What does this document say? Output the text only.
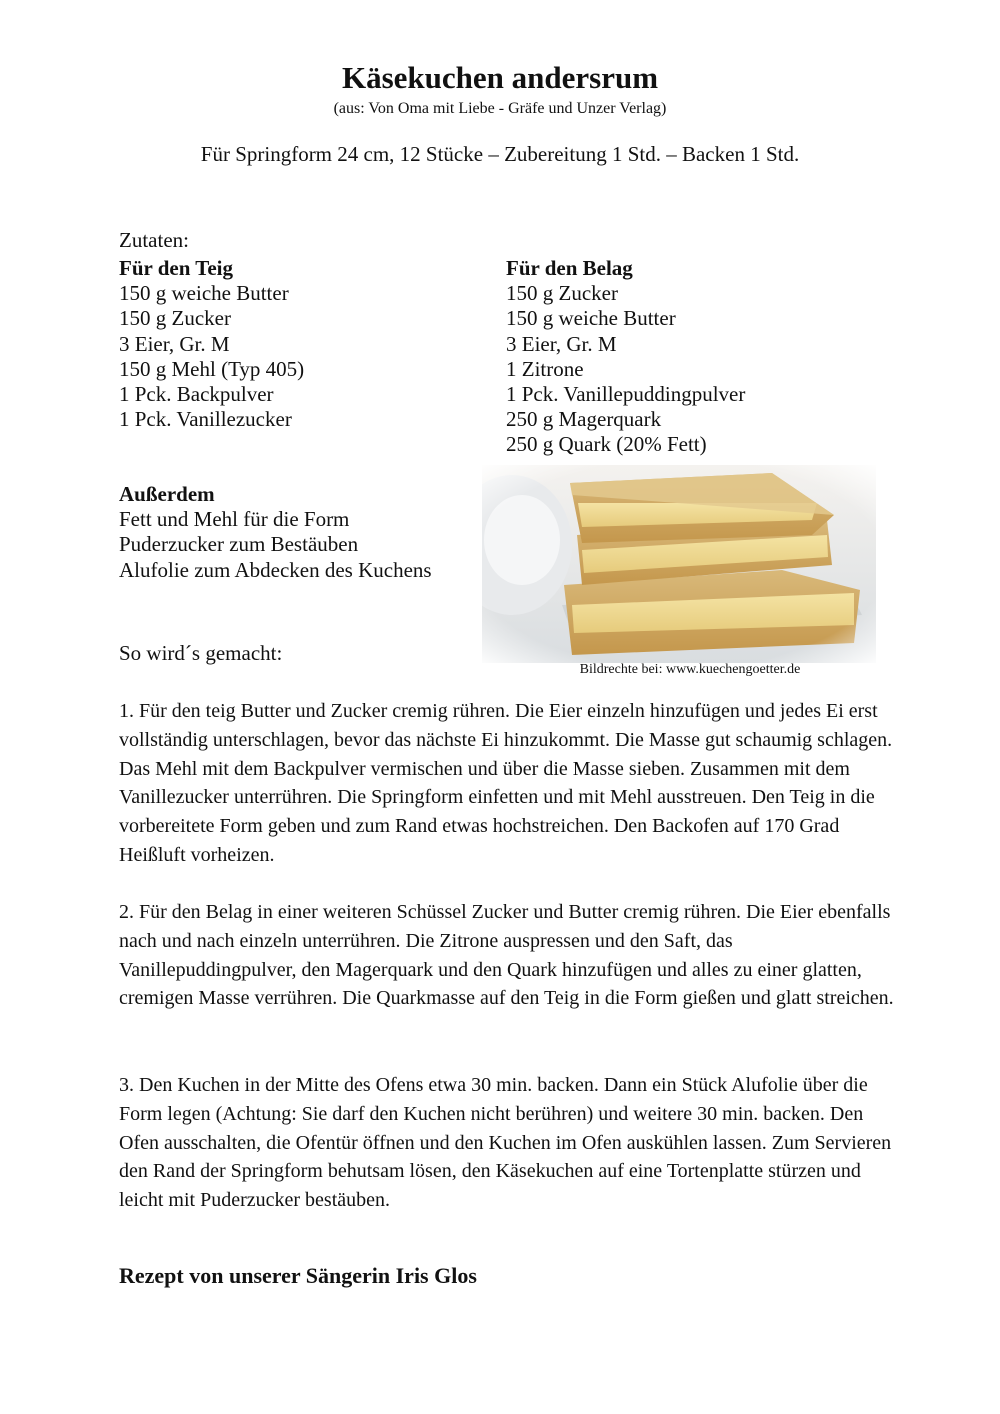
Käsekuchen andersrum
(aus: Von Oma mit Liebe - Gräfe und Unzer Verlag)
Für Springform 24 cm, 12 Stücke – Zubereitung 1 Std. – Backen 1 Std.
Zutaten:
Für den Teig
150 g weiche Butter
150 g Zucker
3 Eier, Gr. M
150 g Mehl (Typ 405)
1 Pck. Backpulver
1 Pck. Vanillezucker
Für den Belag
150 g Zucker
150 g weiche Butter
3 Eier, Gr. M
1 Zitrone
1 Pck. Vanillepuddingpulver
250 g Magerquark
250 g Quark (20% Fett)
Außerdem
Fett und Mehl für die Form
Puderzucker zum Bestäuben
Alufolie zum Abdecken des Kuchens
Bildrechte bei: www.kuechengoetter.de
So wird´s gemacht:
1. Für den teig Butter und Zucker cremig rühren. Die Eier einzeln hinzufügen und jedes Ei erst vollständig unterschlagen, bevor das nächste Ei hinzukommt. Die Masse gut schaumig schlagen. Das Mehl mit dem Backpulver vermischen und über die Masse sieben. Zusammen mit dem Vanillezucker unterrühren. Die Springform einfetten und mit Mehl ausstreuen. Den Teig in die vorbereitete Form geben und zum Rand etwas hochstreichen. Den Backofen auf 170 Grad Heißluft vorheizen.
2. Für den Belag in einer weiteren Schüssel Zucker und Butter cremig rühren. Die Eier ebenfalls nach und nach einzeln unterrühren. Die Zitrone auspressen und den Saft, das Vanillepuddingpulver, den Magerquark und den Quark hinzufügen und alles zu einer glatten, cremigen Masse verrühren. Die Quarkmasse auf den Teig in die Form gießen und glatt streichen.
3. Den Kuchen in der Mitte des Ofens etwa 30 min. backen. Dann ein Stück Alufolie über die Form legen (Achtung: Sie darf den Kuchen nicht berühren) und weitere 30 min. backen. Den Ofen ausschalten, die Ofentür öffnen und den Kuchen im Ofen auskühlen lassen. Zum Servieren den Rand der Springform behutsam lösen, den Käsekuchen auf eine Tortenplatte stürzen und leicht mit Puderzucker bestäuben.
Rezept von unserer Sängerin Iris Glos
